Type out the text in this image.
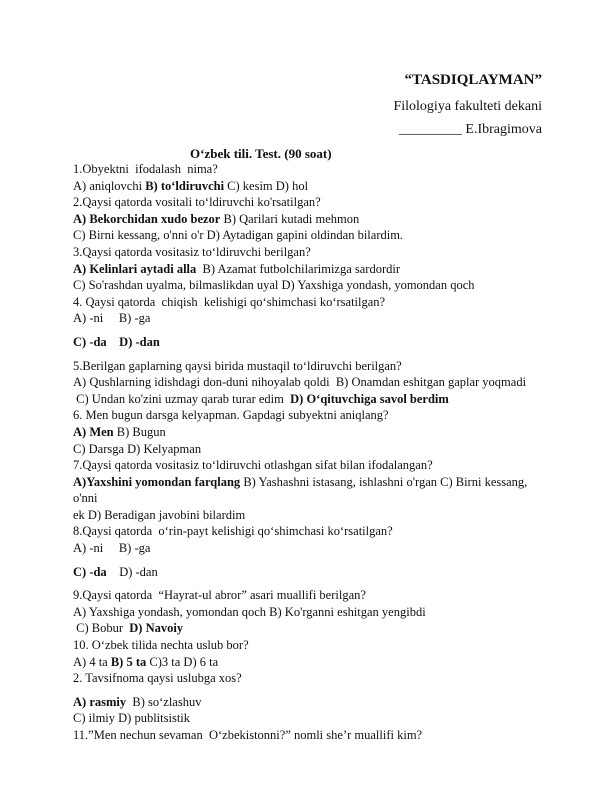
“TASDIQLAYMAN”
Filologiya fakulteti dekani
_________ E.Ibragimova
O‘zbek tili. Test. (90 soat)
1.Obyektni  ifodalash  nima?
A) aniqlovchi B) to‘ldiruvchi C) kesim D) hol
2.Qaysi qatorda vositali to‘ldiruvchi ko'rsatilgan?
A) Bekorchidan xudo bezor B) Qarilari kutadi mehmon
C) Birni kessang, o'nni o'r D) Aytadigan gapini oldindan bilardim.
3.Qaysi qatorda vositasiz to‘ldiruvchi berilgan?
A) Kelinlari aytadi alla  B) Azamat futbolchilarimizga sardordir
C) So'rashdan uyalma, bilmaslikdan uyal D) Yaxshiga yondash, yomondan qoch
4. Qaysi qatorda  chiqish  kelishigi qo‘shimchasi ko‘rsatilgan?
A) -ni     B) -ga
C) -da    D) -dan
5.Berilgan gaplarning qaysi birida mustaqil to‘ldiruvchi berilgan?
A) Qushlarning idishdagi don-duni nihoyalab qoldi  B) Onamdan eshitgan gaplar yoqmadi
C) Undan ko'zini uzmay qarab turar edim  D) O‘qituvchiga savol berdim
6. Men bugun darsga kelyapman. Gapdagi subyektni aniqlang?
A) Men B) Bugun
C) Darsga D) Kelyapman
7.Qaysi qatorda vositasiz to‘ldiruvchi otlashgan sifat bilan ifodalangan?
A)Yaxshini yomondan farqlang B) Yashashni istasang, ishlashni o'rgan C) Birni kessang, o'nni
ek D) Beradigan javobini bilardim
8.Qaysi qatorda  o‘rin-payt kelishigi qo‘shimchasi ko‘rsatilgan?
A) -ni     B) -ga
C) -da    D) -dan
9.Qaysi qatorda  “Hayrat-ul abror” asari muallifi berilgan?
A) Yaxshiga yondash, yomondan qoch B) Ko'rganni eshitgan yengibdi
C) Bobur  D) Navoiy
10. O‘zbek tilida nechta uslub bor?
A) 4 ta B) 5 ta C)3 ta D) 6 ta
2. Tavsifnoma qaysi uslubga xos?
A) rasmiy  B) so‘zlashuv
C) ilmiy D) publitsistik
11.”Men nechun sevaman  O‘zbekistonni?” nomli she’r muallifi kim?
